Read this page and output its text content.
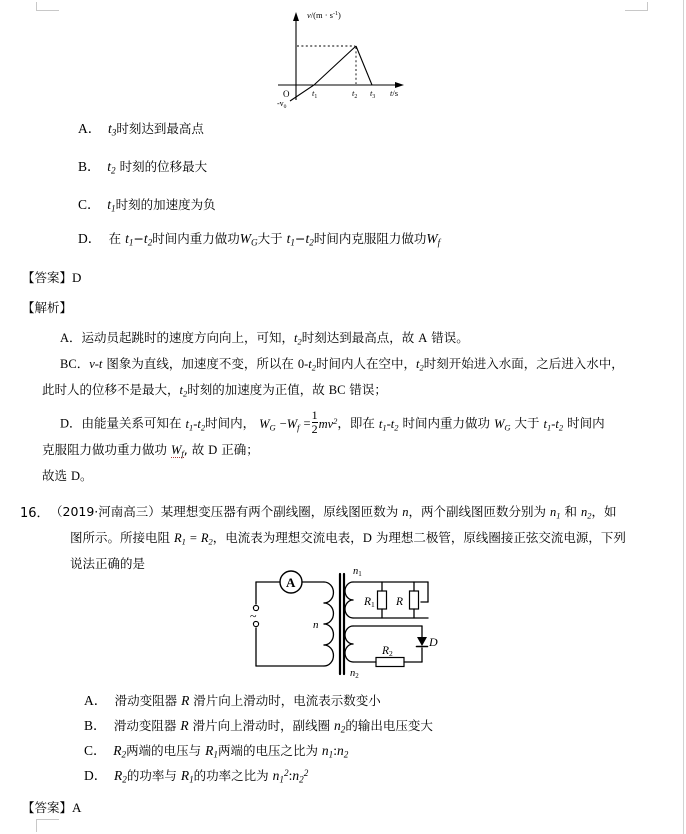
$v/(m \cdot s^{-1})$
O
$-v_0$
$t_1$	$t_2$ $t_3$ t/s
A．  $t_3$时刻达到最高点
B．  $t_2$ 时刻的位移最大
C．  $t_1$时刻的加速度为负
D．  在 $t_1-t_2$时间内重力做功$W_G$大于 $t_1-t_2$时间内克服阻力做功$W_f$
【答案】D
【解析】
A．运动员起跳时的速度方向向上，可知，$t_2$时刻达到最高点，故 A 错误。
BC．v-t 图象为直线，加速度不变，所以在 $0-t_2$时间内人在空中，$t_2$时刻开始进入水面，之后进入水中，
此时人的位移不是最大，$t_2$时刻的加速度为正值，故 BC 错误；
D．由能量关系可知在 $t_1-t_2$时间内， $W_G -W_f = \frac{1}{2} mv^2$，即在 $t_1-t_2$ 时间内重力做功 $W_G$ 大于 $t_1-t_2$ 时间内
克服阻力做功重力做功 $W_f$, 故 D 正确；
故选 D。
16． （2019·河南高三）某理想变压器有两个副线圈，原线图匝数为 n，两个副线图匝数分别为 $n_1$ 和 $n_2$，如
图所示。所接电阻 $R_1 = R_2$，电流表为理想交流电表，D 为理想二极管，原线圈接正弦交流电源，下列
说法正确的是
~
A
n
n1
n2
R1 R
R2
D
A．  滑动变阻器 R 滑片向上滑动时，电流表示数变小
B．  滑动变阻器 R 滑片向上滑动时，副线圈 $n_2$的输出电压变大
C．  $R_2$两端的电压与 $R_1$两端的电压之比为 $n_1:n_2$
D．  $R_2$的功率与 $R_1$的功率之比为 $n_1^2:n_2^2$
【答案】A
